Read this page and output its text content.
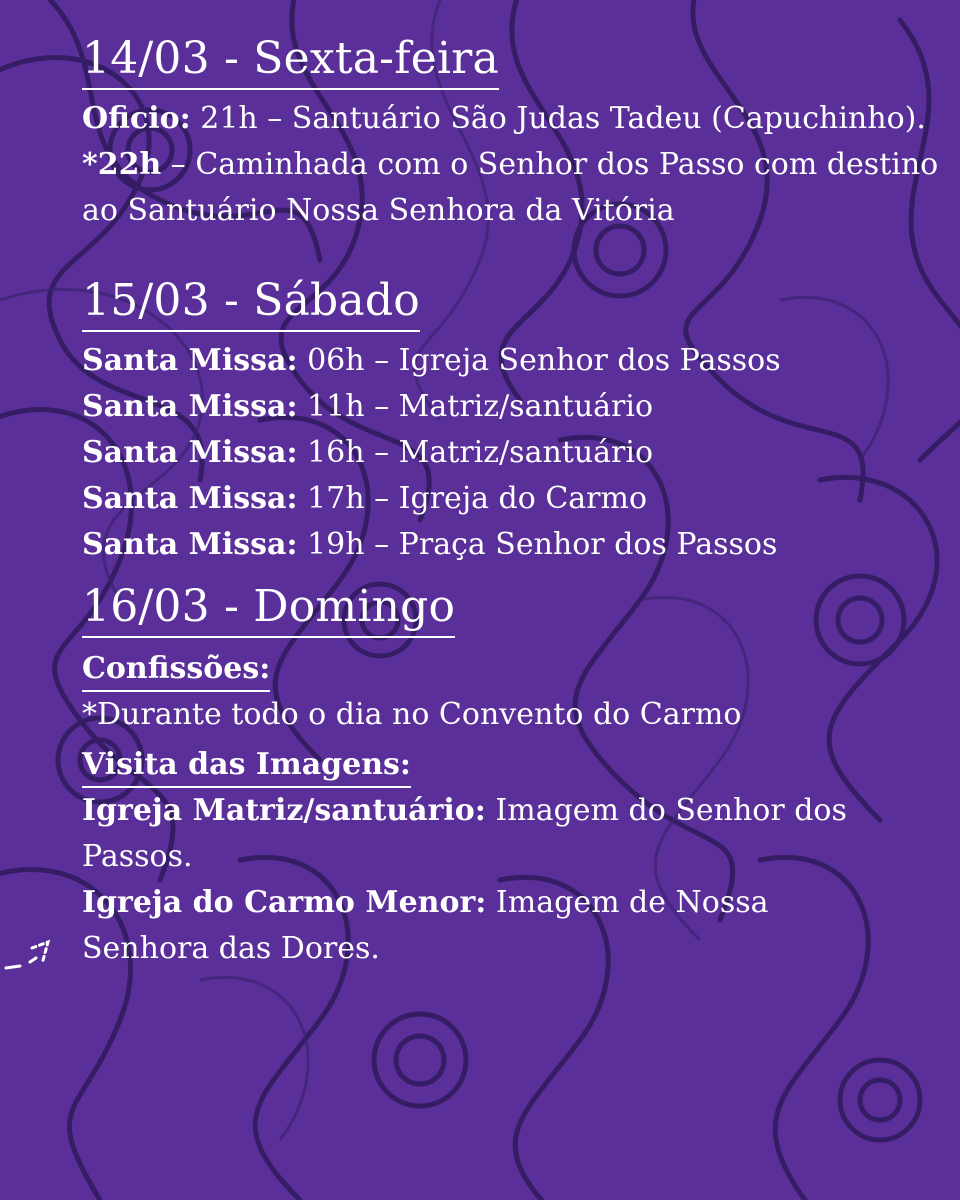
14/03 - Sexta-feira

Oficio: 21h – Santuário São Judas Tadeu (Capuchinho).

*22h – Caminhada com o Senhor dos Passo com destino ao Santuário Nossa Senhora da Vitória

15/03 - Sábado

Santa Missa: 06h – Igreja Senhor dos Passos

Santa Missa: 11h – Matriz/santuário

Santa Missa: 16h – Matriz/santuário

Santa Missa: 17h – Igreja do Carmo

Santa Missa: 19h – Praça Senhor dos Passos

16/03 - Domingo
Confissões:

*Durante todo o dia no Convento do Carmo

Visita das Imagens:

Igreja Matriz/santuário: Imagem do Senhor dos Passos.

Igreja do Carmo Menor: Imagem de Nossa Senhora das Dores.
